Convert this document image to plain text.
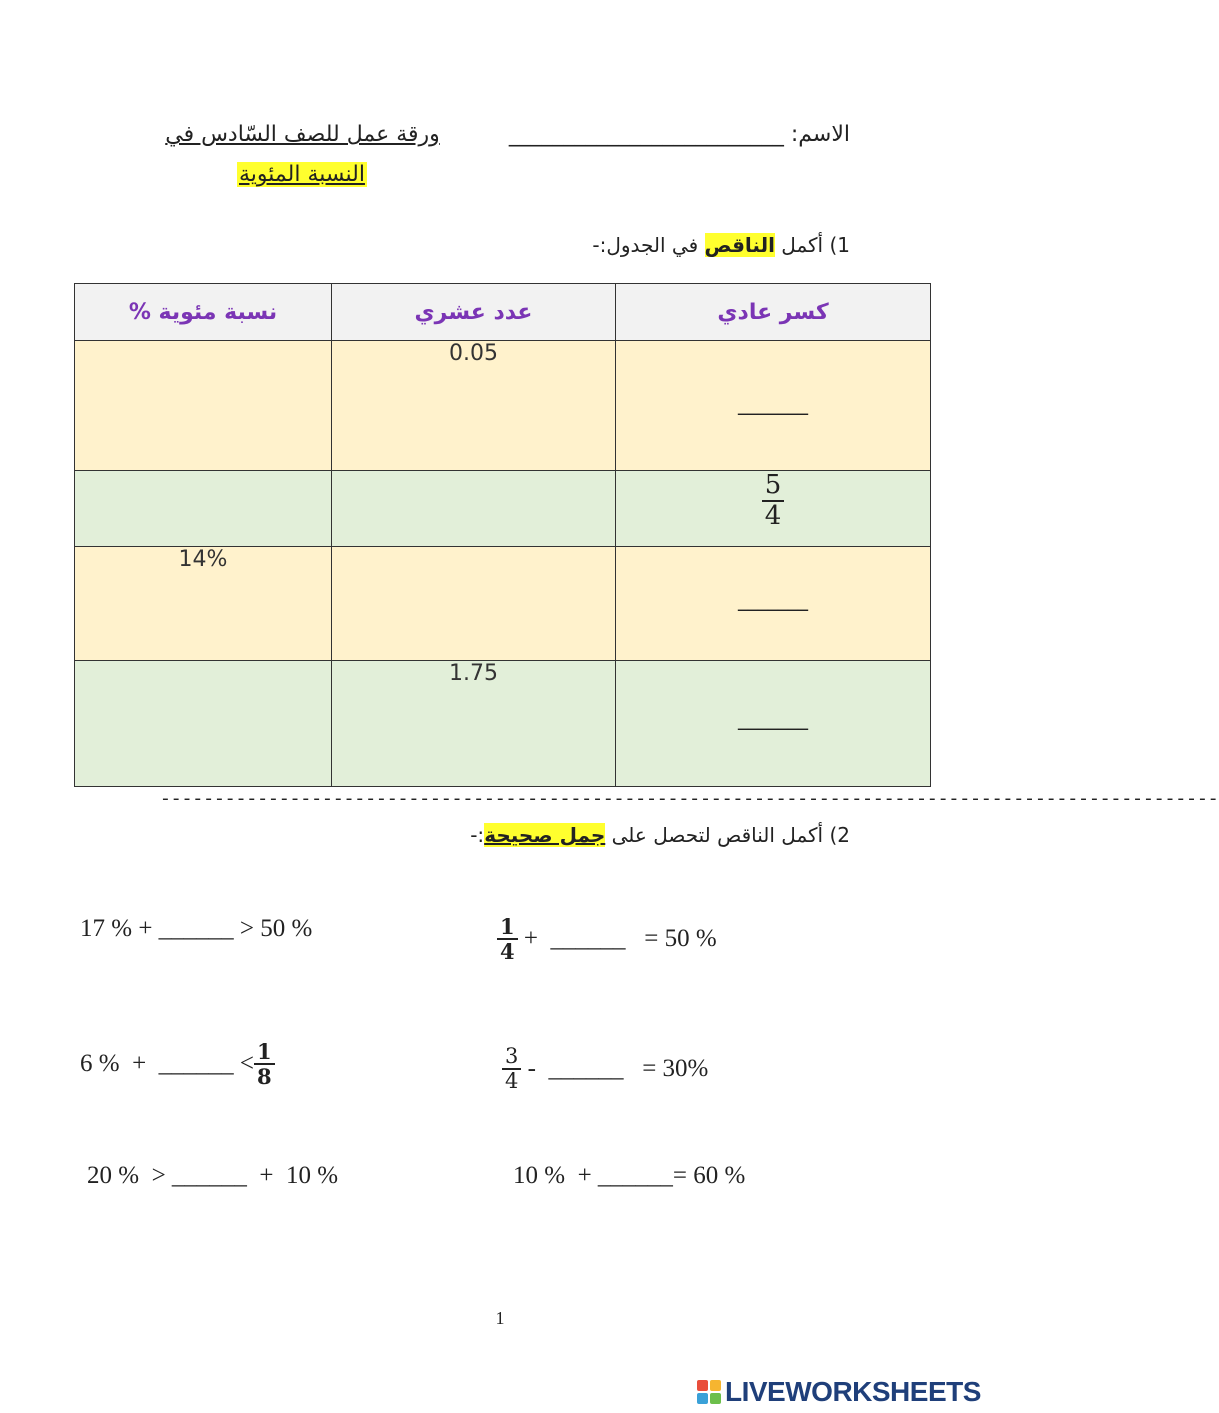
الاسم: _________________________
ورقة عمل للصف السّادس في
النسبة المئوية
1) أكمل الناقص في الجدول:-
كسر عادي	عدد عشري	نسبة مئوية %

_______	0.05	

$\frac{5}{4}$

_______		14%

_______	1.75	
--------------------------------------------------------------------------------------------------
2) أكمل الناقص لتحصل على جمل صحيحة:-
17 % + ______ > 50 %	$\frac{1}{4}$ +  ______   = 50 %
6 %  +  ______ < $\frac{1}{8}$	$\frac{3}{4}$ -  ______   = 30%
20 %  > ______  +  10 %	10 %  + ______= 60 %
1
LIVEWORKSHEETS
